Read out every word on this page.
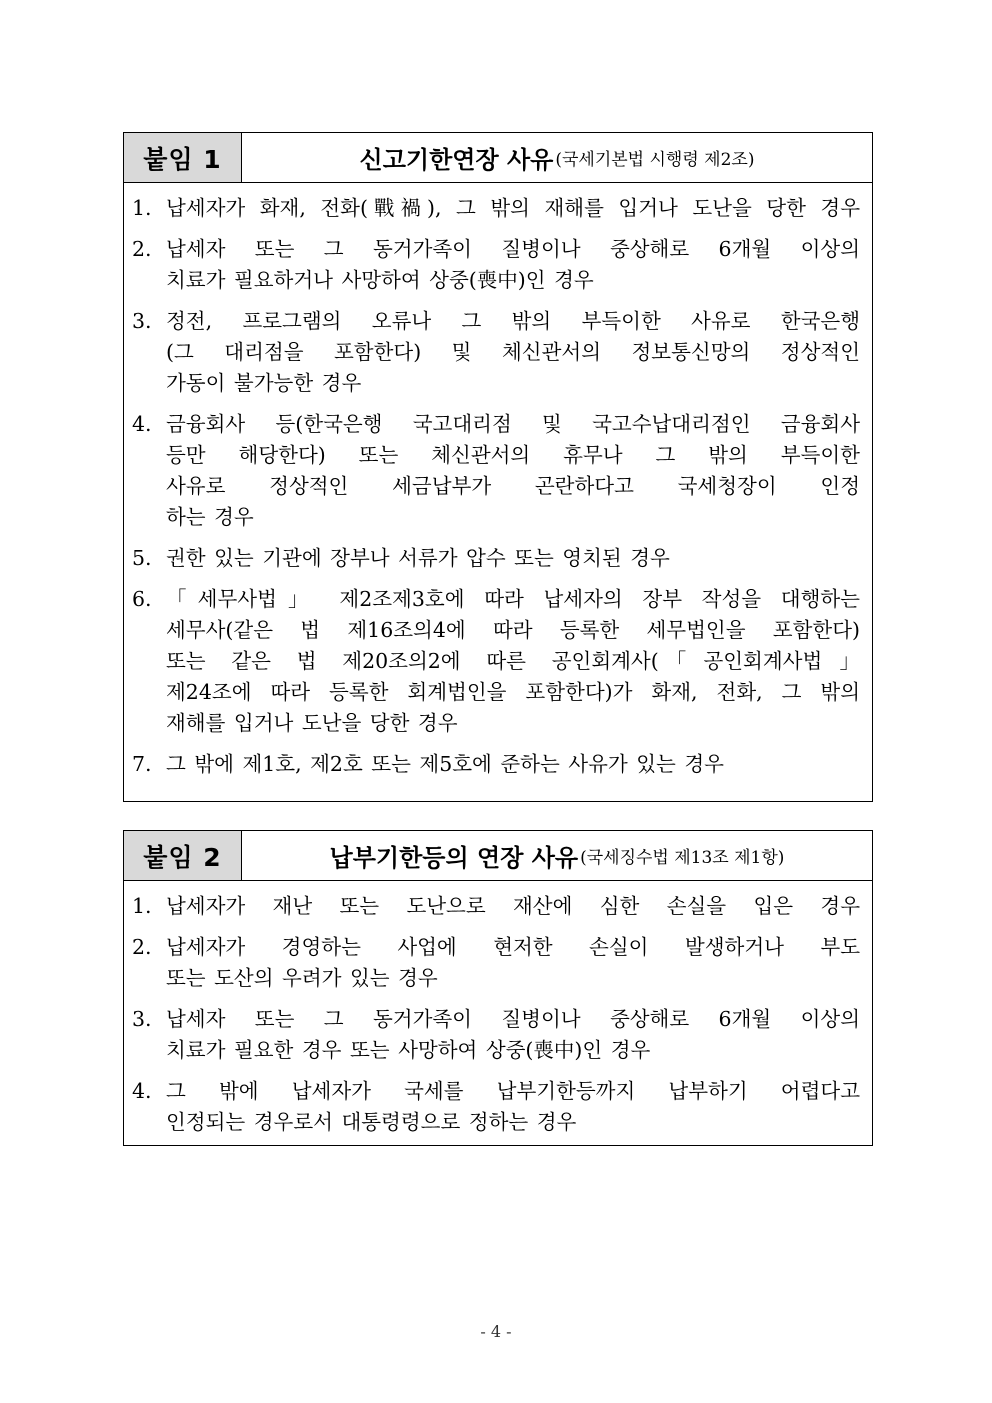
붙임 1	신고기한연장 사유 (국세기본법 시행령 제2조)
1. 납세자가 화재, 전화(戰禍), 그 밖의 재해를 입거나 도난을 당한 경우
2. 납세자 또는 그 동거가족이 질병이나 중상해로 6개월 이상의
치료가 필요하거나 사망하여 상중(喪中)인 경우
3. 정전, 프로그램의 오류나 그 밖의 부득이한 사유로 한국은행
(그 대리점을 포함한다) 및 체신관서의 정보통신망의 정상적인
가동이 불가능한 경우
4. 금융회사 등(한국은행 국고대리점 및 국고수납대리점인 금융회사
등만 해당한다) 또는 체신관서의 휴무나 그 밖의 부득이한
사유로 정상적인 세금납부가 곤란하다고 국세청장이 인정
하는 경우
5. 권한 있는 기관에 장부나 서류가 압수 또는 영치된 경우
6. 「세무사법」 제2조제3호에 따라 납세자의 장부 작성을 대행하는
세무사(같은 법 제16조의4에 따라 등록한 세무법인을 포함한다)
또는 같은 법 제20조의2에 따른 공인회계사(「공인회계사법」
제24조에 따라 등록한 회계법인을 포함한다)가 화재, 전화, 그 밖의
재해를 입거나 도난을 당한 경우
7. 그 밖에 제1호, 제2호 또는 제5호에 준하는 사유가 있는 경우
붙임 2	납부기한등의 연장 사유 (국세징수법 제13조 제1항)
1. 납세자가 재난 또는 도난으로 재산에 심한 손실을 입은 경우
2. 납세자가 경영하는 사업에 현저한 손실이 발생하거나 부도
또는 도산의 우려가 있는 경우
3. 납세자 또는 그 동거가족이 질병이나 중상해로 6개월 이상의
치료가 필요한 경우 또는 사망하여 상중(喪中)인 경우
4. 그 밖에 납세자가 국세를 납부기한등까지 납부하기 어렵다고
인정되는 경우로서 대통령령으로 정하는 경우
- 4 -
